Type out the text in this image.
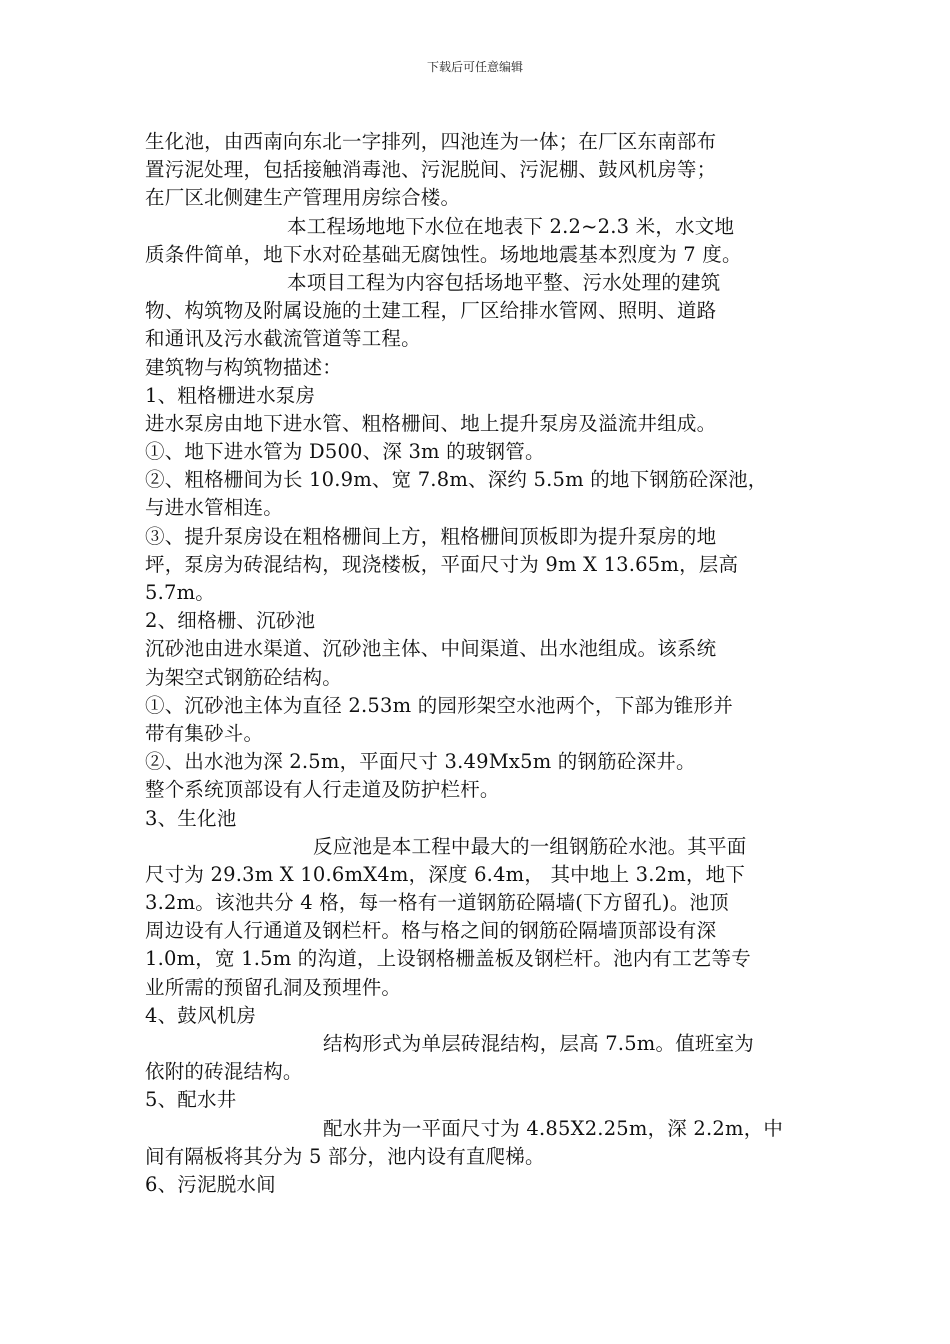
下载后可任意编辑
生化池，由西南向东北一字排列，四池连为一体；在厂区东南部布
置污泥处理，包括接触消毒池、污泥脱间、污泥棚、鼓风机房等；
在厂区北侧建生产管理用房综合楼。
本工程场地地下水位在地表下 2.2~2.3 米，水文地
质条件简单，地下水对砼基础无腐蚀性。场地地震基本烈度为 7 度。
本项目工程为内容包括场地平整、污水处理的建筑
物、构筑物及附属设施的土建工程，厂区给排水管网、照明、道路
和通讯及污水截流管道等工程。
建筑物与构筑物描述：
1、粗格栅进水泵房
进水泵房由地下进水管、粗格栅间、地上提升泵房及溢流井组成。
①、地下进水管为 D500、深 3m 的玻钢管。
②、粗格栅间为长 10.9m、宽 7.8m、深约 5.5m 的地下钢筋砼深池，
与进水管相连。
③、提升泵房设在粗格栅间上方，粗格栅间顶板即为提升泵房的地
坪，泵房为砖混结构，现浇楼板，平面尺寸为 9m X 13.65m，层高
5.7m。
2、细格栅、沉砂池
沉砂池由进水渠道、沉砂池主体、中间渠道、出水池组成。该系统
为架空式钢筋砼结构。
①、沉砂池主体为直径 2.53m 的园形架空水池两个，下部为锥形并
带有集砂斗。
②、出水池为深 2.5m，平面尺寸 3.49Mx5m 的钢筋砼深井。
整个系统顶部设有人行走道及防护栏杆。
3、生化池
反应池是本工程中最大的一组钢筋砼水池。其平面
尺寸为 29.3m X 10.6mX4m，深度 6.4m， 其中地上 3.2m，地下
3.2m。该池共分 4 格，每一格有一道钢筋砼隔墙(下方留孔)。池顶
周边设有人行通道及钢栏杆。格与格之间的钢筋砼隔墙顶部设有深
1.0m，宽 1.5m 的沟道，上设钢格栅盖板及钢栏杆。池内有工艺等专
业所需的预留孔洞及预埋件。
4、鼓风机房
结构形式为单层砖混结构，层高 7.5m。值班室为
依附的砖混结构。
5、配水井
配水井为一平面尺寸为 4.85X2.25m，深 2.2m，中
间有隔板将其分为 5 部分，池内设有直爬梯。
6、污泥脱水间
